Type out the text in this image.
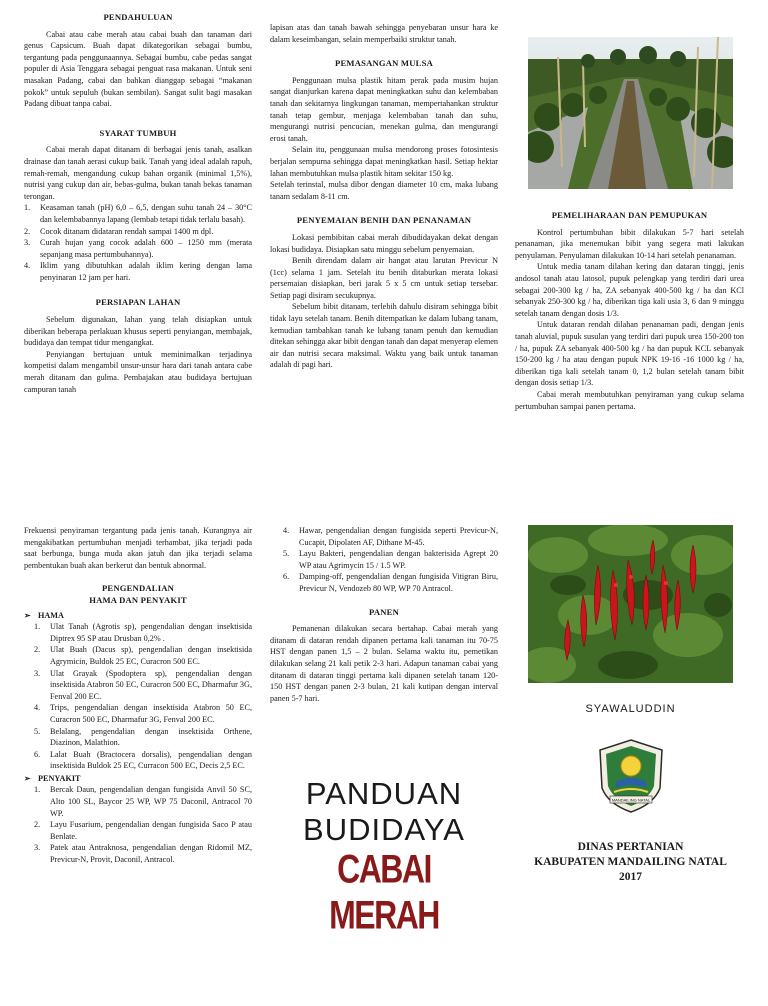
PENDAHULUAN

Cabai atau cabe merah atau cabai buah dan tanaman dari genus Capsicum. Buah dapat dikategorikan sebagai bumbu, tergantung pada penggunaannya. Sebagai bumbu, cabe pedas sangat populer di Asia Tenggara sebagai penguat rasa makanan. Untuk seni masakan Padang, cabai dan bahkan dianggap sebagai “makanan pokok” untuk sepuluh (bukan sembilan). Sangat sulit bagi masakan Padang dibuat tanpa cabai.

SYARAT TUMBUH

Cabai merah dapat ditanam di berbagai jenis tanah, asalkan drainase dan tanah aerasi cukup baik. Tanah yang ideal adalah rapuh, remah-remah, mengandung cukup bahan organik (minimal 1,5%), nutrisi yang cukup dan air, bebas-gulma, bukan tanah bekas tanaman terongan.

1. Keasaman tanah (pH) 6,0 – 6,5, dengan suhu tanah 24 – 30°C dan kelembabannya lapang (lembab tetapi tidak terlalu basah).
2. Cocok ditanam didataran rendah sampai 1400 m dpl.
3. Curah hujan yang cocok adalah 600 – 1250 mm (merata sepanjang masa pertumbuhannya).
4. Iklim yang dibutuhkan adalah iklim kering dengan lama penyinaran 12 jam per hari.
PERSIAPAN LAHAN

Sebelum digunakan, lahan yang telah disiapkan untuk diberikan beberapa perlakuan khusus seperti penyiangan, membajak, budidaya dan tempat tidur mengangkat.

Penyiangan bertujuan untuk meminimalkan terjadinya kompetisi dalam mengambil unsur-unsur hara dari tanah antara cabe merah ditanam dan gulma. Pembajakan atau budidaya bertujuan campuran tanah

lapisan atas dan tanah bawah sehingga penyebaran unsur hara ke dalam keseimbangan, selain memperbaiki struktur tanah.

PEMASANGAN MULSA

Penggunaan mulsa plastik hitam perak pada musim hujan sangat dianjurkan karena dapat meningkatkan suhu dan kelembaban tanah dan sekitarnya lingkungan tanaman, mempertahankan struktur tanah tetap gembur, menjaga kelembaban tanah dan suhu, mengurangi nutrisi pencucian, menekan gulma, dan mengurangi erosi tanah.

Selain itu, penggunaan mulsa mendorong proses fotosintesis berjalan sempurna sehingga dapat meningkatkan hasil. Setiap hektar lahan membutuhkan mulsa plastik hitam sekitar 150 kg.

Setelah terinstal, mulsa dibor dengan diameter 10 cm, maka lubang tanam sedalam 8-11 cm.

PENYEMAIAN BENIH DAN PENANAMAN

Lokasi pembibitan cabai merah dibudidayakan dekat dengan lokasi budidaya. Disiapkan satu minggu sebelum penyemaian.

Benih direndam dalam air hangat atau larutan Previcur N (1cc) selama 1 jam. Setelah itu benih ditaburkan merata lokasi persemaian disiapkan, beri jarak 5 x 5 cm untuk setiap tersebar. Setiap pagi disiram secukupnya.

Sebelum bibit ditanam, terlebih dahulu disiram sehingga bibit tidak layu setelah tanam. Benih ditempatkan ke dalam lubang tanam, kemudian tambahkan tanah ke lubang tanam penuh dan kemudian ditekan sehingga akar bibit dengan tanah dan dapat menyerap elemen air dan nutrisi secara maksimal. Waktu yang baik untuk tanaman adalah di pagi hari.

PEMELIHARAAN DAN PEMUPUKAN

Kontrol pertumbuhan bibit dilakukan 5-7 hari setelah penanaman, jika menemukan bibit yang segera mati lakukan penyulaman. Penyulaman dilakukan 10-14 hari setelah penanaman.

Untuk media tanam dilahan kering dan dataran tinggi, jenis andosol tanah atau latosol, pupuk pelengkap yang terdiri dari urea sebagai 200-300 kg / ha, ZA sebanyak 400-500 kg / ha dan KCl sebanyak 250-300 kg / ha, diberikan tiga kali usia 3, 6 dan 9 minggu setelah tanam dengan dosis 1/3.

Untuk dataran rendah dilahan penanaman padi, dengan jenis tanah aluvial, pupuk susulan yang terdiri dari pupuk urea 150-200 ton / ha, pupuk ZA sebanyak 400-500 kg / ha dan pupuk KCL sebanyak 150-200 kg / ha atau dengan pupuk NPK 19-16 -16 1000 kg / ha, diberikan tiga kali setelah tanam 0, 1,2 bulan setelah tanam bibit dengan dosis setiap 1/3.

Cabai merah membutuhkan penyiraman yang cukup selama pertumbuhan sampai panen pertama.

Frekuensi penyiraman tergantung pada jenis tanah. Kurangnya air mengakibatkan pertumbuhan menjadi terhambat, jika terjadi pada saat berbunga, bunga muda akan jatuh dan jika terjadi selama pembentukan buah akan berkerut dan bentuk abnormal.

PENGENDALIAN
HAMA DAN PENYAKIT
➢ HAMA
1. Ulat Tanah (Agrotis sp), pengendalian dengan insektisida Diptrex 95 SP atau Drusban 0,2% .
2. Ulat Buah (Dacus sp), pengendalian dengan insektisida Agrymicin, Buldok 25 EC, Curacron 500 EC.
3. Ulat Grayak (Spodoptera sp), pengendalian dengan insektisida Atabron 50 EC, Curacron 500 EC, Dharmafur 3G, Fenval 200 EC.
4. Trips, pengendalian dengan insektisida Atabron 50 EC, Curacron 500 EC, Dharmafur 3G, Fenval 200 EC.
5. Belalang, pengendalian dengan insektisida Orthene, Diazinon, Malathion.
6. Lalat Buah (Bractocera dorsalis), pengendalian dengan insektisida Buldok 25 EC, Curracon 500 EC, Decis 2,5 EC.
➢ PENYAKIT
1. Bercak Daun, pengendalian dengan fungisida Anvil 50 SC, Alto 100 SL, Baycor 25 WP, WP 75 Daconil, Antracol 70 WP.
2. Layu Fusarium, pengendalian dengan fungisida Saco P atau Benlate.
3. Patek atau Antraknosa, pengendalian dengan Ridomil MZ, Previcur-N, Provit, Daconil, Antracol.
4. Hawar, pengendalian dengan fungisida seperti Previcur-N, Cucapit, Dipolaten AF, Dithane M-45.
5. Layu Bakteri, pengendalian dengan bakterisida Agrept 20 WP atau Agrimycin 15 / 1.5 WP.
6. Damping-off, pengendalian dengan fungisida Vitigran Biru, Previcur N, Vendozeb 80 WP, WP 70 Antracol.
PANEN

Pemanenan dilakukan secara bertahap. Cabai merah yang ditanam di dataran rendah dipanen pertama kali tanaman itu 70-75 HST dengan panen 1,5 – 2 bulan. Selama waktu itu, pemetikan dilakukan selang 21 kali petik 2-3 hari. Adapun tanaman cabai yang ditanam di dataran tinggi pertama kali dipanen setelah tanam 120-150 HST dengan panen 2-3 bulan, 21 kali kutipan dengan interval panen 5-7 hari.

PANDUAN
BUDIDAYA
CABAI MERAH
SYAWALUDDIN
MANDAILING NATAL
DINAS PERTANIAN
KABUPATEN MANDAILING NATAL
2017
